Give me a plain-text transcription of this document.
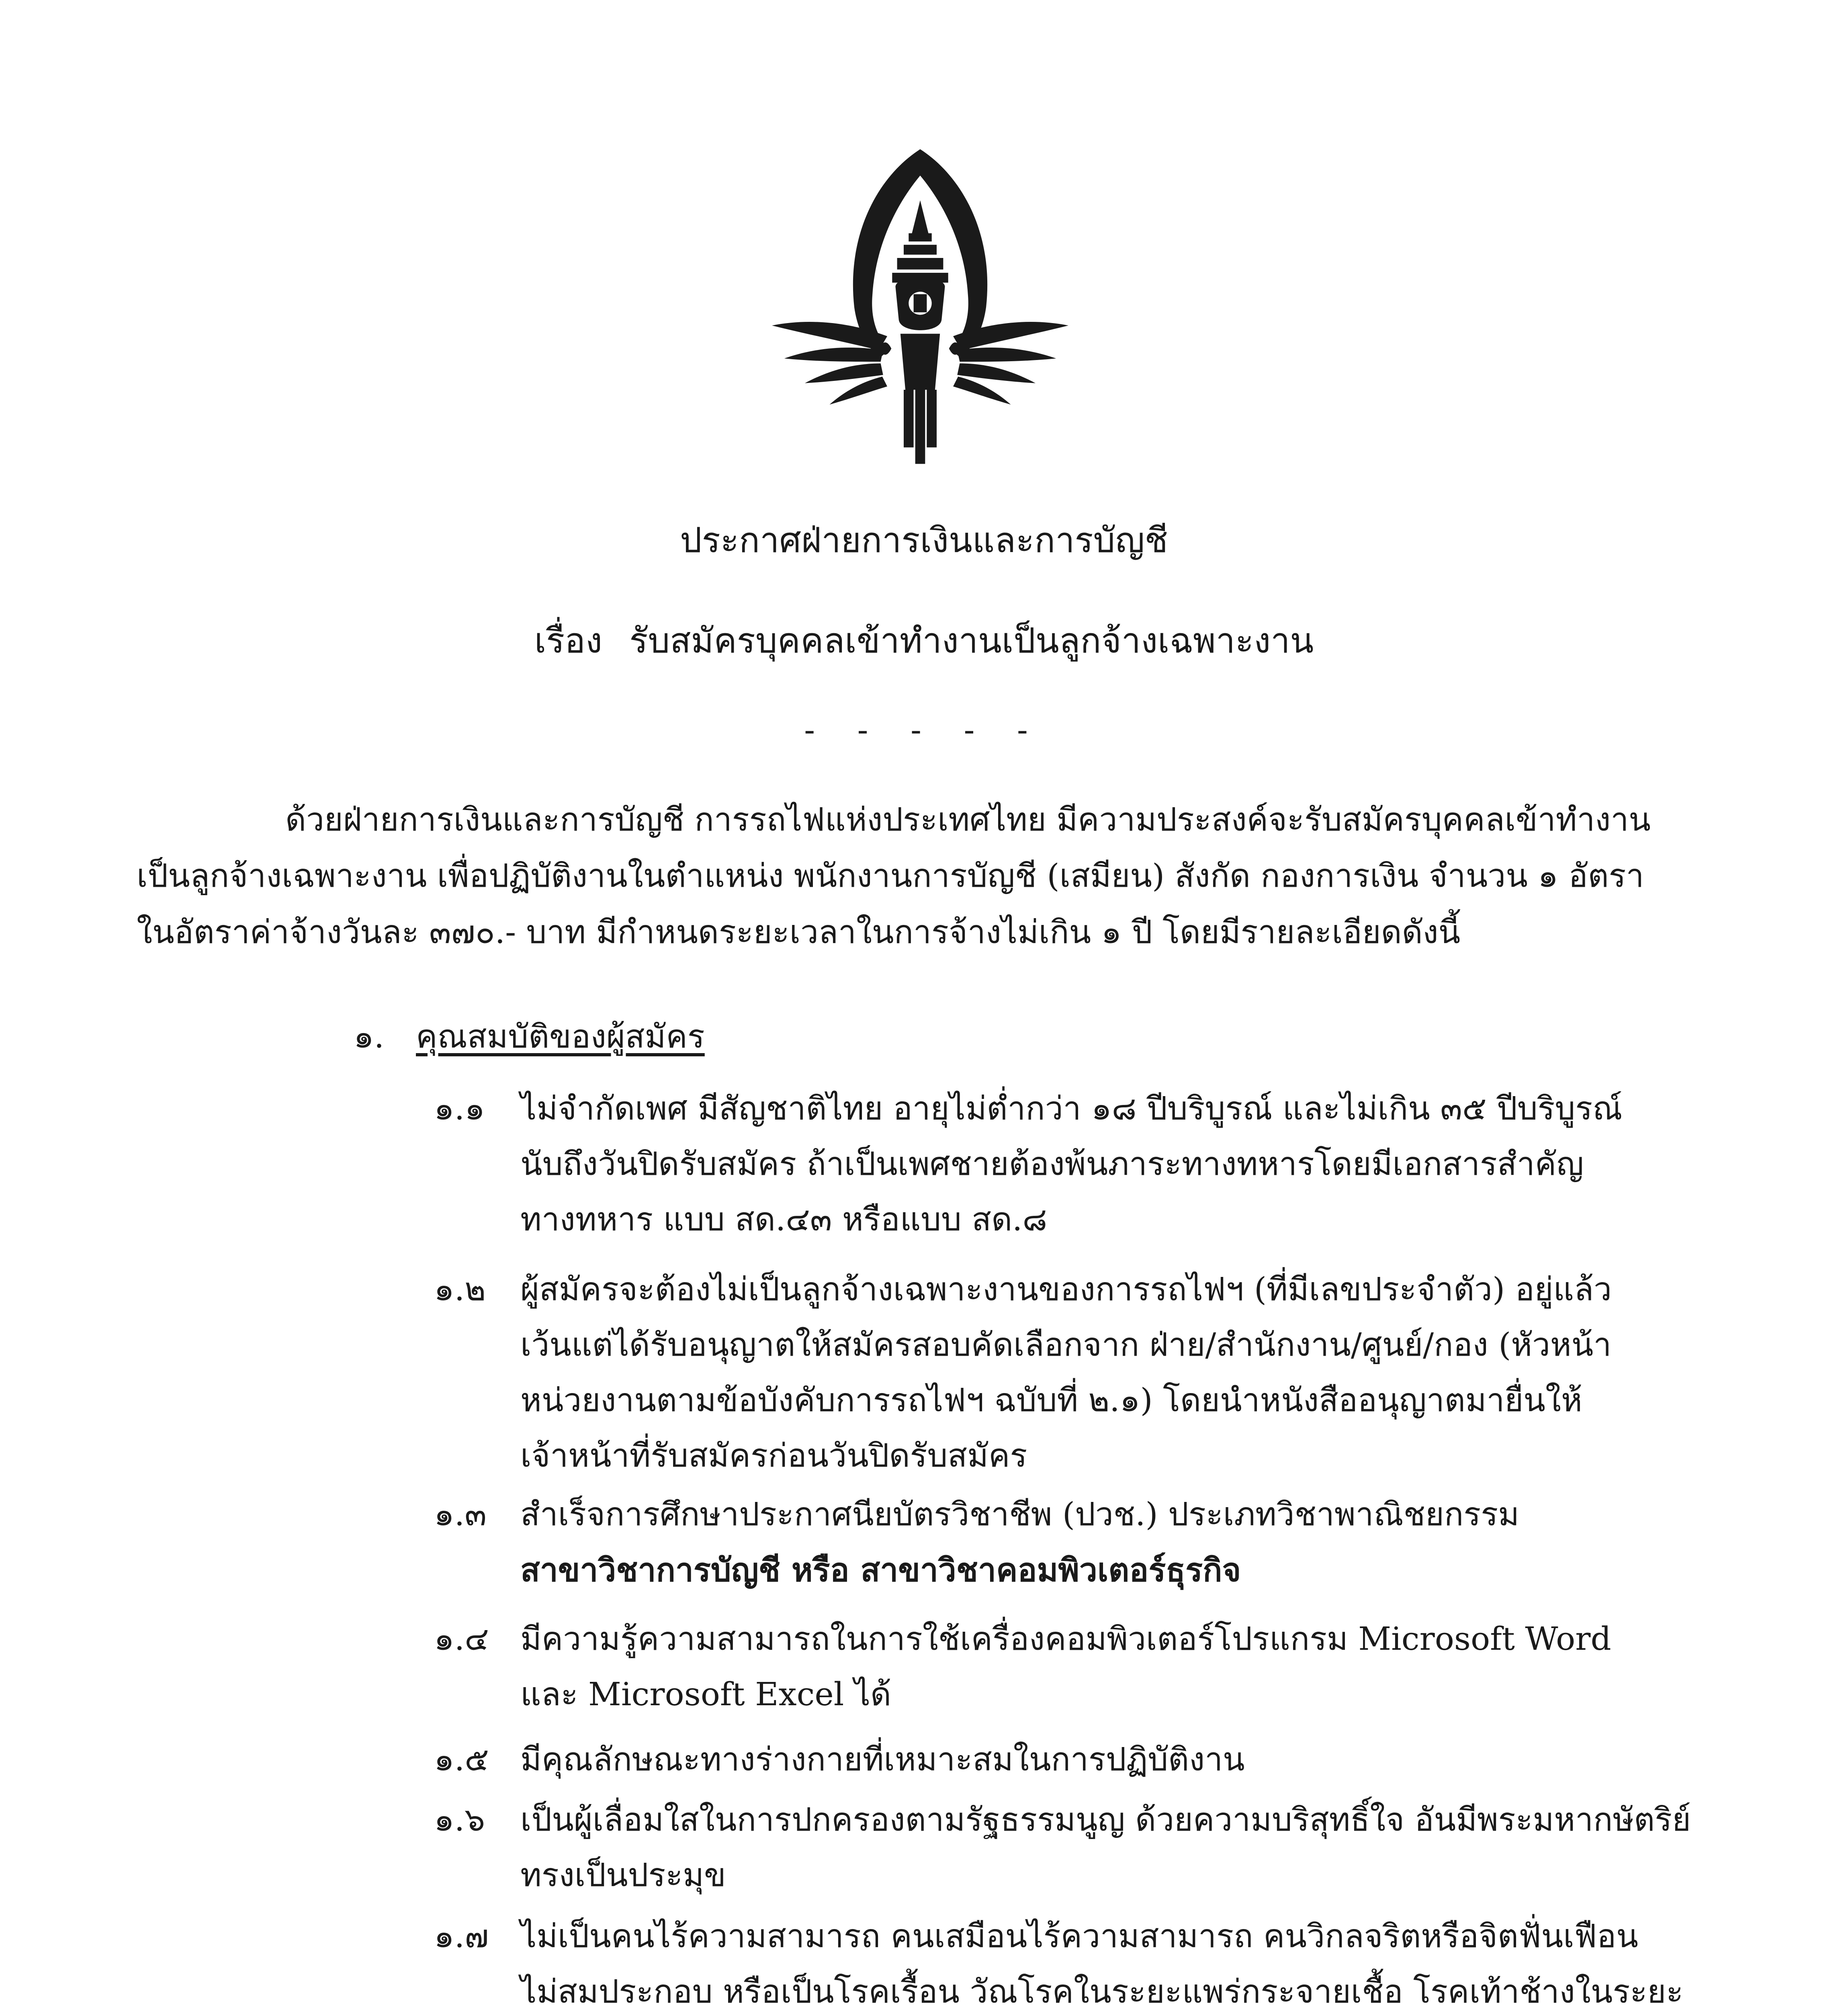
ประกาศฝ่ายการเงินและการบัญชี
เรื่อง รับสมัครบุคคลเข้าทำงานเป็นลูกจ้างเฉพาะงาน
- - - - -
ด้วยฝ่ายการเงินและการบัญชี การรถไฟแห่งประเทศไทย มีความประสงค์จะรับสมัครบุคคลเข้าทำงาน
เป็นลูกจ้างเฉพาะงาน เพื่อปฏิบัติงานในตำแหน่ง พนักงานการบัญชี (เสมียน) สังกัด กองการเงิน จำนวน ๑ อัตรา
ในอัตราค่าจ้างวันละ ๓๗๐.- บาท มีกำหนดระยะเวลาในการจ้างไม่เกิน ๑ ปี โดยมีรายละเอียดดังนี้
๑. คุณสมบัติของผู้สมัคร
๑.๑ ไม่จำกัดเพศ มีสัญชาติไทย อายุไม่ต่ำกว่า ๑๘ ปีบริบูรณ์ และไม่เกิน ๓๕ ปีบริบูรณ์
นับถึงวันปิดรับสมัคร ถ้าเป็นเพศชายต้องพ้นภาระทางทหารโดยมีเอกสารสำคัญ
ทางทหาร แบบ สด.๔๓ หรือแบบ สด.๘
๑.๒ ผู้สมัครจะต้องไม่เป็นลูกจ้างเฉพาะงานของการรถไฟฯ (ที่มีเลขประจำตัว) อยู่แล้ว
เว้นแต่ได้รับอนุญาตให้สมัครสอบคัดเลือกจาก ฝ่าย/สำนักงาน/ศูนย์/กอง (หัวหน้า
หน่วยงานตามข้อบังคับการรถไฟฯ ฉบับที่ ๒.๑) โดยนำหนังสืออนุญาตมายื่นให้
เจ้าหน้าที่รับสมัครก่อนวันปิดรับสมัคร
๑.๓ สำเร็จการศึกษาประกาศนียบัตรวิชาชีพ (ปวช.) ประเภทวิชาพาณิชยกรรม
สาขาวิชาการบัญชี หรือ สาขาวิชาคอมพิวเตอร์ธุรกิจ
๑.๔ มีความรู้ความสามารถในการใช้เครื่องคอมพิวเตอร์โปรแกรม Microsoft Word
และ Microsoft Excel ได้
๑.๕ มีคุณลักษณะทางร่างกายที่เหมาะสมในการปฏิบัติงาน
๑.๖ เป็นผู้เลื่อมใสในการปกครองตามรัฐธรรมนูญ ด้วยความบริสุทธิ์ใจ อันมีพระมหากษัตริย์
ทรงเป็นประมุข
๑.๗ ไม่เป็นคนไร้ความสามารถ คนเสมือนไร้ความสามารถ คนวิกลจริตหรือจิตฟั่นเฟือน
ไม่สมประกอบ หรือเป็นโรคเรื้อน วัณโรคในระยะแพร่กระจายเชื้อ โรคเท้าช้างในระยะ
